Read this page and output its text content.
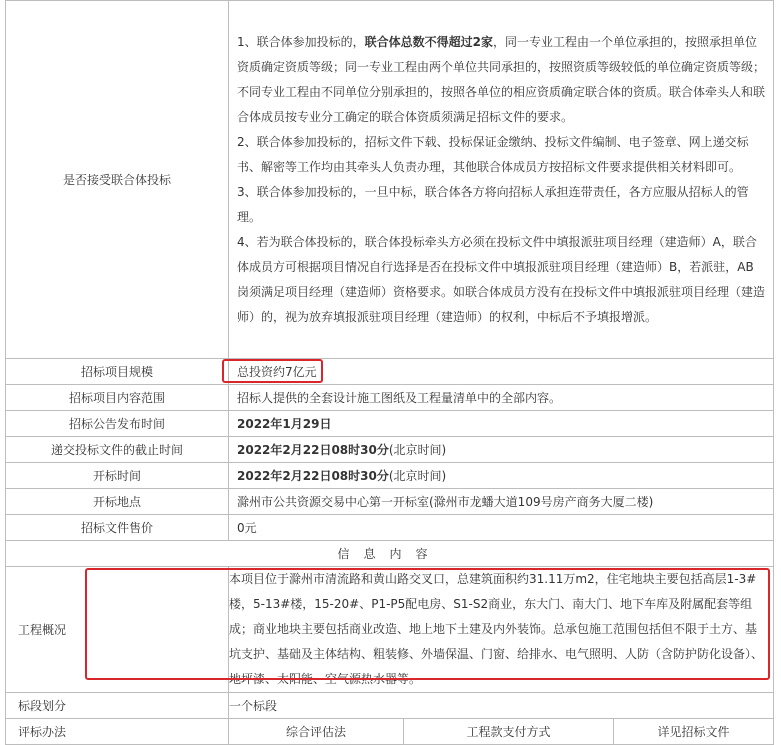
是否接受联合体投标	1、联合体参加投标的，联合体总数不得超过2家，同一专业工程由一个单位承担的，按照承担单位资质确定资质等级；同一专业工程由两个单位共同承担的，按照资质等级较低的单位确定资质等级；不同专业工程由不同单位分别承担的，按照各单位的相应资质确定联合体的资质。联合体牵头人和联合体成员按专业分工确定的联合体资质须满足招标文件的要求。
2、联合体参加投标的，招标文件下载、投标保证金缴纳、投标文件编制、电子签章、网上递交标书、解密等工作均由其牵头人负责办理，其他联合体成员方按招标文件要求提供相关材料即可。
3、联合体参加投标的，一旦中标，联合体各方将向招标人承担连带责任，各方应服从招标人的管理。
4、若为联合体投标的，联合体投标牵头方必须在投标文件中填报派驻项目经理（建造师）A，联合体成员方可根据项目情况自行选择是否在投标文件中填报派驻项目经理（建造师）B，若派驻，AB岗须满足项目经理（建造师）资格要求。如联合体成员方没有在投标文件中填报派驻项目经理（建造师）的，视为放弃填报派驻项目经理（建造师）的权利，中标后不予填报增派。		

招标项目规模	总投资约7亿元		
招标项目内容范围	招标人提供的全套设计施工图纸及工程量清单中的全部内容。		
招标公告发布时间	2022年1月29日		
递交投标文件的截止时间	2022年2月22日08时30分(北京时间)		
开标时间	2022年2月22日08时30分(北京时间)		
开标地点	滁州市公共资源交易中心第一开标室(滁州市龙蟠大道109号房产商务大厦二楼)		
招标文件售价	0元		
信息内容			

工程概况	本项目位于滁州市清流路和黄山路交叉口，总建筑面积约31.11万m2，住宅地块主要包括高层1-3#楼，5-13#楼，15-20#、P1-P5配电房、S1-S2商业，东大门、南大门、地下车库及附属配套等组成；商业地块主要包括商业改造、地上地下土建及内外装饰。总承包施工范围包括但不限于土方、基坑支护、基础及主体结构、粗装修、外墙保温、门窗、给排水、电气照明、人防（含防护防化设备）、地坪漆、太阳能、空气源热水器等。		

标段划分	一个标段		

评标办法	综合评估法	工程款支付方式	详见招标文件
